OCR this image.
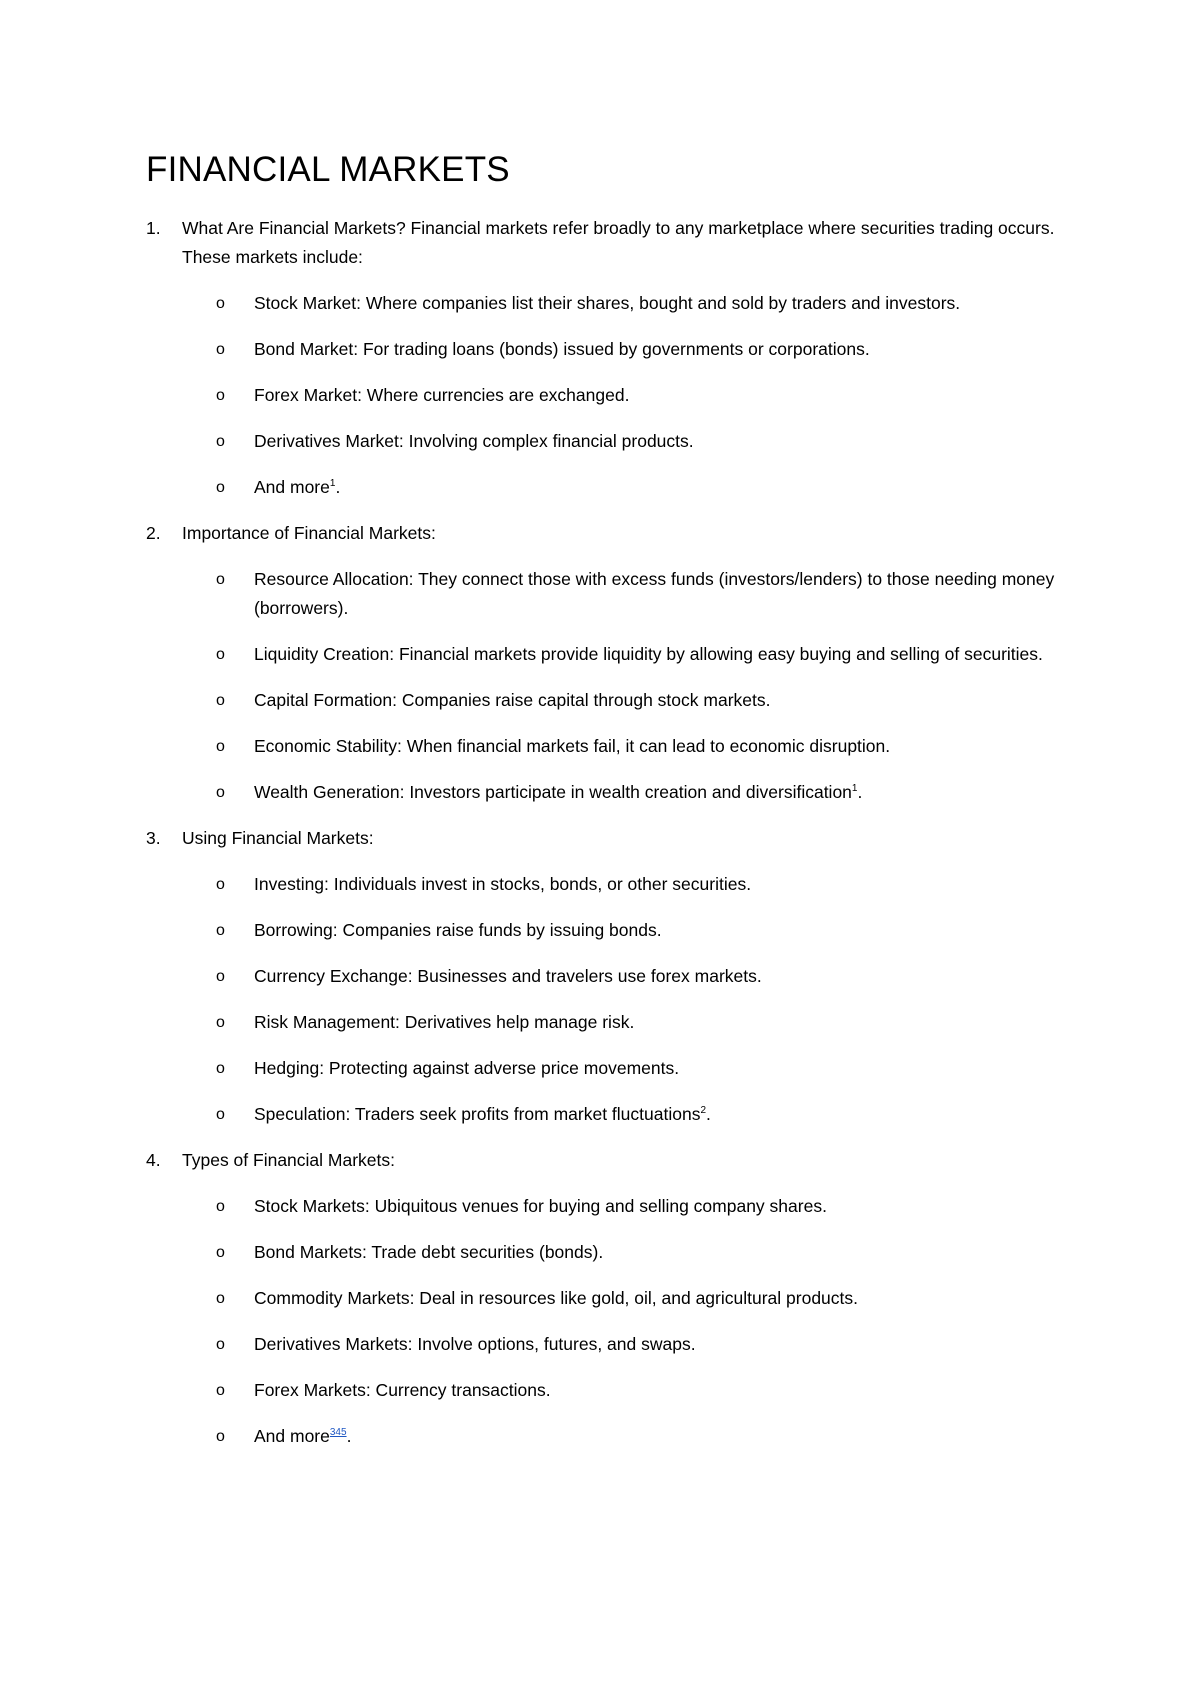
FINANCIAL MARKETS
1. What Are Financial Markets? Financial markets refer broadly to any marketplace where securities trading occurs. These markets include:
o Stock Market: Where companies list their shares, bought and sold by traders and investors.
o Bond Market: For trading loans (bonds) issued by governments or corporations.
o Forex Market: Where currencies are exchanged.
o Derivatives Market: Involving complex financial products.
o And more$^1$.
2. Importance of Financial Markets:
o Resource Allocation: They connect those with excess funds (investors/lenders) to those needing money (borrowers).
o Liquidity Creation: Financial markets provide liquidity by allowing easy buying and selling of securities.
o Capital Formation: Companies raise capital through stock markets.
o Economic Stability: When financial markets fail, it can lead to economic disruption.
o Wealth Generation: Investors participate in wealth creation and diversification$^1$.
3. Using Financial Markets:
o Investing: Individuals invest in stocks, bonds, or other securities.
o Borrowing: Companies raise funds by issuing bonds.
o Currency Exchange: Businesses and travelers use forex markets.
o Risk Management: Derivatives help manage risk.
o Hedging: Protecting against adverse price movements.
o Speculation: Traders seek profits from market fluctuations$^2$.
4. Types of Financial Markets:
o Stock Markets: Ubiquitous venues for buying and selling company shares.
o Bond Markets: Trade debt securities (bonds).
o Commodity Markets: Deal in resources like gold, oil, and agricultural products.
o Derivatives Markets: Involve options, futures, and swaps.
o Forex Markets: Currency transactions.
o And more$^{345}$.
